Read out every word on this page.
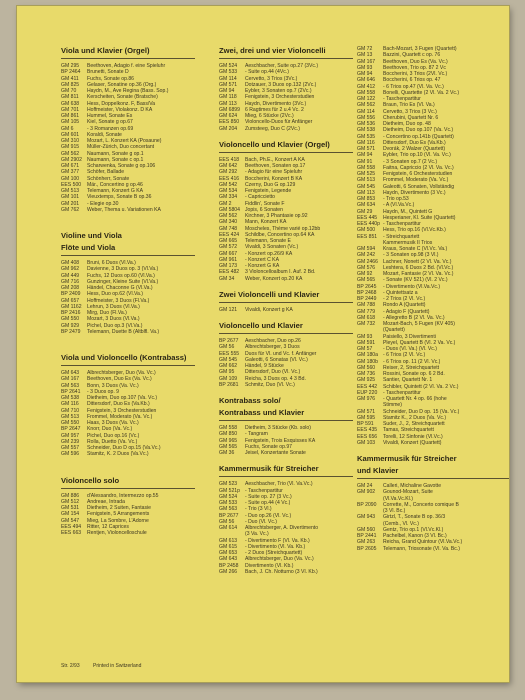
Viola und Klavier (Orgel)
GM 295 Beethoven, Adagio f. eine Spieluhr
BP 2464 Brunetti, Sonate D
GM 411 Fuchs, Sonate op.86
GM 825 Gelaser, Sonatine op.36 (Org.)
GM 70 Haydn, M., Ave Regina (Bass. Sop.)
GM 811 Kerscheiten, Sonate (Bratsche)
GM 638 Hess, Doppelkonz. F, Bass/Va
GM 701 Hoffmeister, Violakonz. D KA
GM 861 Hummel, Sonate Es
GM 105 Kiel, Sonate g op.67
GM 6	- 3 Romanzen op.69
GM 601 Koraldi, Sonate
GM 310 Mozart, L. Konzert KA (Posaune)
GM 915 Müller-Zürich, Duo concertant
GM 562 Naumann, Sonate g op.1
GM 2902 Naumann, Sonate c op.1
GM 671 Scharwenka, Sonate g op.106
GM 377 Schöfer, Ballade
GM 100 Schönherr, Sonate
EES 500 Mär., Concertino g op.46
GM 513 Telemann, Konzert G KA
GM 101 Vieuxtemps, Sonate B op.36
GM 201 - Elegie op.30
GM 762 Weber, Thema u. Variationen KA
Violine und Viola
Flöte und Viola
GM 408 Bruni, 6 Duos (Vl.Va.)
GM 962 Davienne, 3 Duos op. 3 (Vl.Va.)
GM 449 Fuchs, 12 Duos op.60 (Vl.Va.)
GM 716 Gunzinger, Kleine Suite (Vl.Va.)
GM 208 Händel, Chaconne G (Vl.Va.)
BP 2409 Hess, Duo op.62 (Vl.Va.)
GM 657 Hoffmeister, 3 Duos (Fl.Va.)
GM 1162 Lehrun, 3 Duos (Vl.Va.)
BP 2416 Mirg, Duo (Fl.Va.)
GM 550 Mozart, 3 Duos (Vl.Va.)
GM 929 Pichel, Duo op.3 (Vl.Va.)
BP 2479 Telemann, Duette B (Altblfl. Va.)
Viola und Violoncello (Kontrabass)
GM 643 Albrechtsberger, Duo (Va. Vc.)
GM 167 Beethoven, Duo Es (Va. Vc.)
GM 563 Bonn, 3 Duos (Va. Vc.)
BP 2641 - 3 Duos op. 9
GM 538 Dietheim, Duo op.107 (Va. Vc.)
GM 116 Dittersdorf, Duo Es (Va.Kb.)
GM 710 Fenigstein, 3 Orchesterstudien
GM 513 Frommel, Moderato (Va. Vc.)
GM 550 Haas, 3 Duos (Va. Vc.)
BP 2647 Knorr, Duo (Va. Vc.)
GM 957 Pichel, Duo op.16 (Vc.)
GM 239 Rolla, Duetto (Va. Vc.)
GM 557 Schneider, Duo D op.15 (Va.Vc.)
GM 596 Stamitz, K. 2 Duos (Va.Vc.)
Violoncello solo
GM 886 d'Alessandro, Intermezzo op.55
GM 512 Andreae, Intrada
GM 531 Dietheim, 2 Suiten, Fantasie
GM 154 Fenigstein, 5 Arrangements
GM 547 Mieg, La Sombre, L'Adorne
EES 494 Ritter, 12 Caprices
EES 663 Rentjen, Violoncelloschule
Zwei, drei und vier Violoncelli
GM 524 Aeschbacher, Suite op.27 (3Vc.)
GM 533 - Suite op.44 (4Vc.)
GM 114 Cervetto, 3 Trios (3Vc.)
GM 571 Dotzauer, 3 Duos op.132 (2Vc.)
GM 94 Eybler, 3 Sonaten op.7 (2Vc.)
GM 118 Fenigstein, 3 Orchesterstudien
GM 113 Haydn, Divertimento (3Vc.)
GM 6899 6 Ragtimes für 2 u.4 Vc. 2
GM 624 Mieg, 6 Stücke (2Vc.)
EES 850 Violoncello-Duos für Anfänger
GM 204 Zumsteeg, Duo C (2Vc.)
Violoncello und Klavier (Orgel)
EES 418 Bach, Ph.E., Konzert A KA
GM 642 Beethoven, Sonaten op.17
GM 292 - Adagio für eine Spieluhr
EES 416 Boccherini, Konzert B KA
GM 542 Czerny, Duo G op.129
GM 534 Fenigstein, Legende
GM 334 - Capriccietto
GM 2	Fiddlin', Sonate F
GM 5804 Jopis, 6 Sonaten
GM 562 Kirchner, 3 Phantasie op.92
GM 340 Mann, Konzert KA
GM 748 Moscheles, Thème varié op.12bb
EES 424 Schildbe, Concertino op.64 KA
GM 665 Telemann, Sonate E
GM 572 Vivaldi, 3 Sonaten (Vc.)
GM 667 - Konzert op.26/9 KA
GM 961 - Konzert C KA
GM 173 - Konzert G KA
EES 482 3 Violoncelloalbum I. Auf. 2 Bd.
GM 34 Weber, Konzert op.20 KA
Zwei Violoncelli und Klavier
GM 121 Vivaldi, Konzert g KA
Violoncello und Klavier
BP 2677 Aeschbacher, Duo op.26
GM 56 Albrechtsberger, 3 Duos
EES 555 Duos für Vl. und Vc. f. Anfänger
GM 545 Galeotti, 6 Sonatas (Vl. Vc.)
GM 662 Händel, 9 Stücke
GM 95 Dittersdorf, Duo (Vl. Vc.)
GM 109 Reicha, 3 Duos op. 4 3 Bd.
BP 2681 Schmitz, Duo (Vl. Vc.)
Kontrabass solo/
Kontrabass und Klavier
GM 558 Dietheim, 3 Stücke (Kb. solo)
GM 850 - Tangram
GM 965 Fenigstein, Trois Esquisses KA
GM 565 Fuchs, Sonate op.97
GM 36 Jeisel, Konzertante Sonate
Kammermusik für Streicher
GM 523 Aeschbacher, Trio (Vl. Va.Vc.)
GM 521p - Taschenpartitur
GM 524 - Suite op. 27 (3 Vc.)
GM 533 - Suite op.44 (4 Vc.)
GM 563 - Trio (3 Vl.)
BP 2677 - Duo op.26 (Vl. Vc.)
GM 56 - Duo (Vl. Vc.)
GM 614 Albrechtsberger, A. Divertimento
(3 Va. Vc.)
GM 613 - Divertimento F (Vl. Va. Kb.)
GM 615 - Divertimento (Vl. Va. Kb.)
GM 653 - 2 Duos (Streichquartett)
GM 643 Albrechtsberger, Duo (Va. Vc.)
BP 2458 Divertimento (Vl. Kb.)
GM 266 Bach, J. Ch. Notturno (3 Vl. Kb.)
GM 72 Bach-Mozart, 3 Fugen (Quartett)
GM 13 Bazzini, Quartett c op. 76
GM 167 Beethoven, Duo Es (Va. Vc.)
GM 93 Beethoven, Trio op. 87 2 Vc
GM 94 Boccherini, 3 Trios (2Vl. Vc.)
GM 646 Boccherini, 6 Trios op. 47
GM 412 - 6 Trios op.47 (Vl. Va. Vc.)
GM 558 Bonelli, Quartette (2 Vl. Va. 2 Vc.)
GM 122 - Taschenpartitur
GM 562 Braun, Trio Es (Vl. Va.)
GM 114 Cervetto, 3 Trios (3 Vc.)
GM 556 Cherubini, Quartett Nr. 6
GM 536 Dietheim, Duo op. 48
GM 538 Dietheim, Duo op.107 (Va. Vc.)
GM 535 - Concertino op.141b (Quartett)
GM 116 Dittersdorf, Duo Es (Va.Kb.)
GM 571 Dvorák, 2 Walzer (Quartett)
GM 94 Eybler, Trio op.10 (Vl. Va. Vc.)
GM 91 - 3 Sonaten op.7 (2 Vc.)
GM 558 Faitna, Capriccio (2 Vl. Va. Vc.)
GM 525 Fenigstein, 6 Orchesterstudien
GM 513 Frommel, Moderato (Va. Vc.)
GM 545 Galeotti, 6 Sonaten, Vollständig
GM 113 Haydn, Divertimento (3 Vc.)
GM 853 - Trio op.53
GM 634 - A (Vl.Va.Vc.)
GM 29 Haydn, M., Quintett G
EES 445 Hesperianer, Kl. Suite (Quartett)
EES 440p - Taschenpartitur
GM 500 Hess, Trio op.16 (Vl.Vc.Kb.)
EES 851 - Streichquartett
Kammermusik II Trios
GM 594 Kraus, Sonate C (Vl.Vc. Va.)
GM 242 - 3 Sonaten op.98 (3 Vl.)
GM 2466 Lachner, Nonett (2 Vl. Va. Vc.)
GM 576 Leshtera, 6 Duos 2 Bd. (Vl.Vc.)
GM 92 Mozart, Fantasie (2 Vl. Va. Vc.)
GM 565 - Sonate (KV 521) (Vl. 2 Vc.)
BP 2645 - Divertimento (Vl.Va.Vc.)
BP 2468 - Quintettsatz a
BP 2449 - 2 Trios (2 Vl. Vc.)
GM 788 Rondo A (Quartett)
GM 779 - Adagio F (Quartett)
GM 618 - Allegretto B (2 Vl. Va. Vc.)
GM 732 Mozart-Bach, 5 Fugen (KV 405)
(Quartett)
GM 93 Paisiello, 3 Divertimenti
GM 591 Pleyel, Quartett B (Vl. 2 Va. Vc.)
GM 57 - Duos (Vl. Va.) (Vl. Vc.)
GM 180a - 6 Trios (2 Vl. Vc.)
GM 180b - 6 Trios op. 11 (2 Vl. Vc.)
GM 560 Reiser, 2, Streichquartett
GM 736 Rossini, Sonate op. 6 2 Bd.
GM 925 Santier, Quartett Nr. 1
EES 442 Schibler, Quintett (2 Vl. Va. 2 Vc.)
EUP 220 - Taschenpartitur
GM 976 - Quartett Nr. 4 op. 66 (hohe
Stimme)
GM 571 Schneider, Duo D op. 15 (Va. Vc.)
GM 595 Stamitz K., 2 Duos (Va. Vc.)
BP 591 Suder, J., 2, Streichquartett
EES 435 Tamas, Streichquartett
EES 656 Torelli, 12 Sinfonie (Vl.Vc.)
GM 103 Vivaldi, Konzert (Quartett)
Kammermusik für Streicher
und Klavier
GM 24 Calleri, Michaline Gavotte
GM 902 Gounod-Mozart, Suite
(Vl.Va.Vc.Kl.)
BP 2090 Corrette, M., Concerto comique B
(3 Vl. Bc.)
GM 943 Girtzl, T., Sonate B op. 36/3
(Cemb., Vl. Vc.)
GM 560 Gentz, Trio op.1 (Vl.Vc.Kl.)
BP 2441 Pachelbel, Kanon (3 Vl. Bc.)
GM 263 Reicha, Grand Quintour (Vl.Va.Vc.)
BP 2605 Telemann, Triosonate (Vl. Va. Bc.)
Str. 2/93	Printed in Switzerland
